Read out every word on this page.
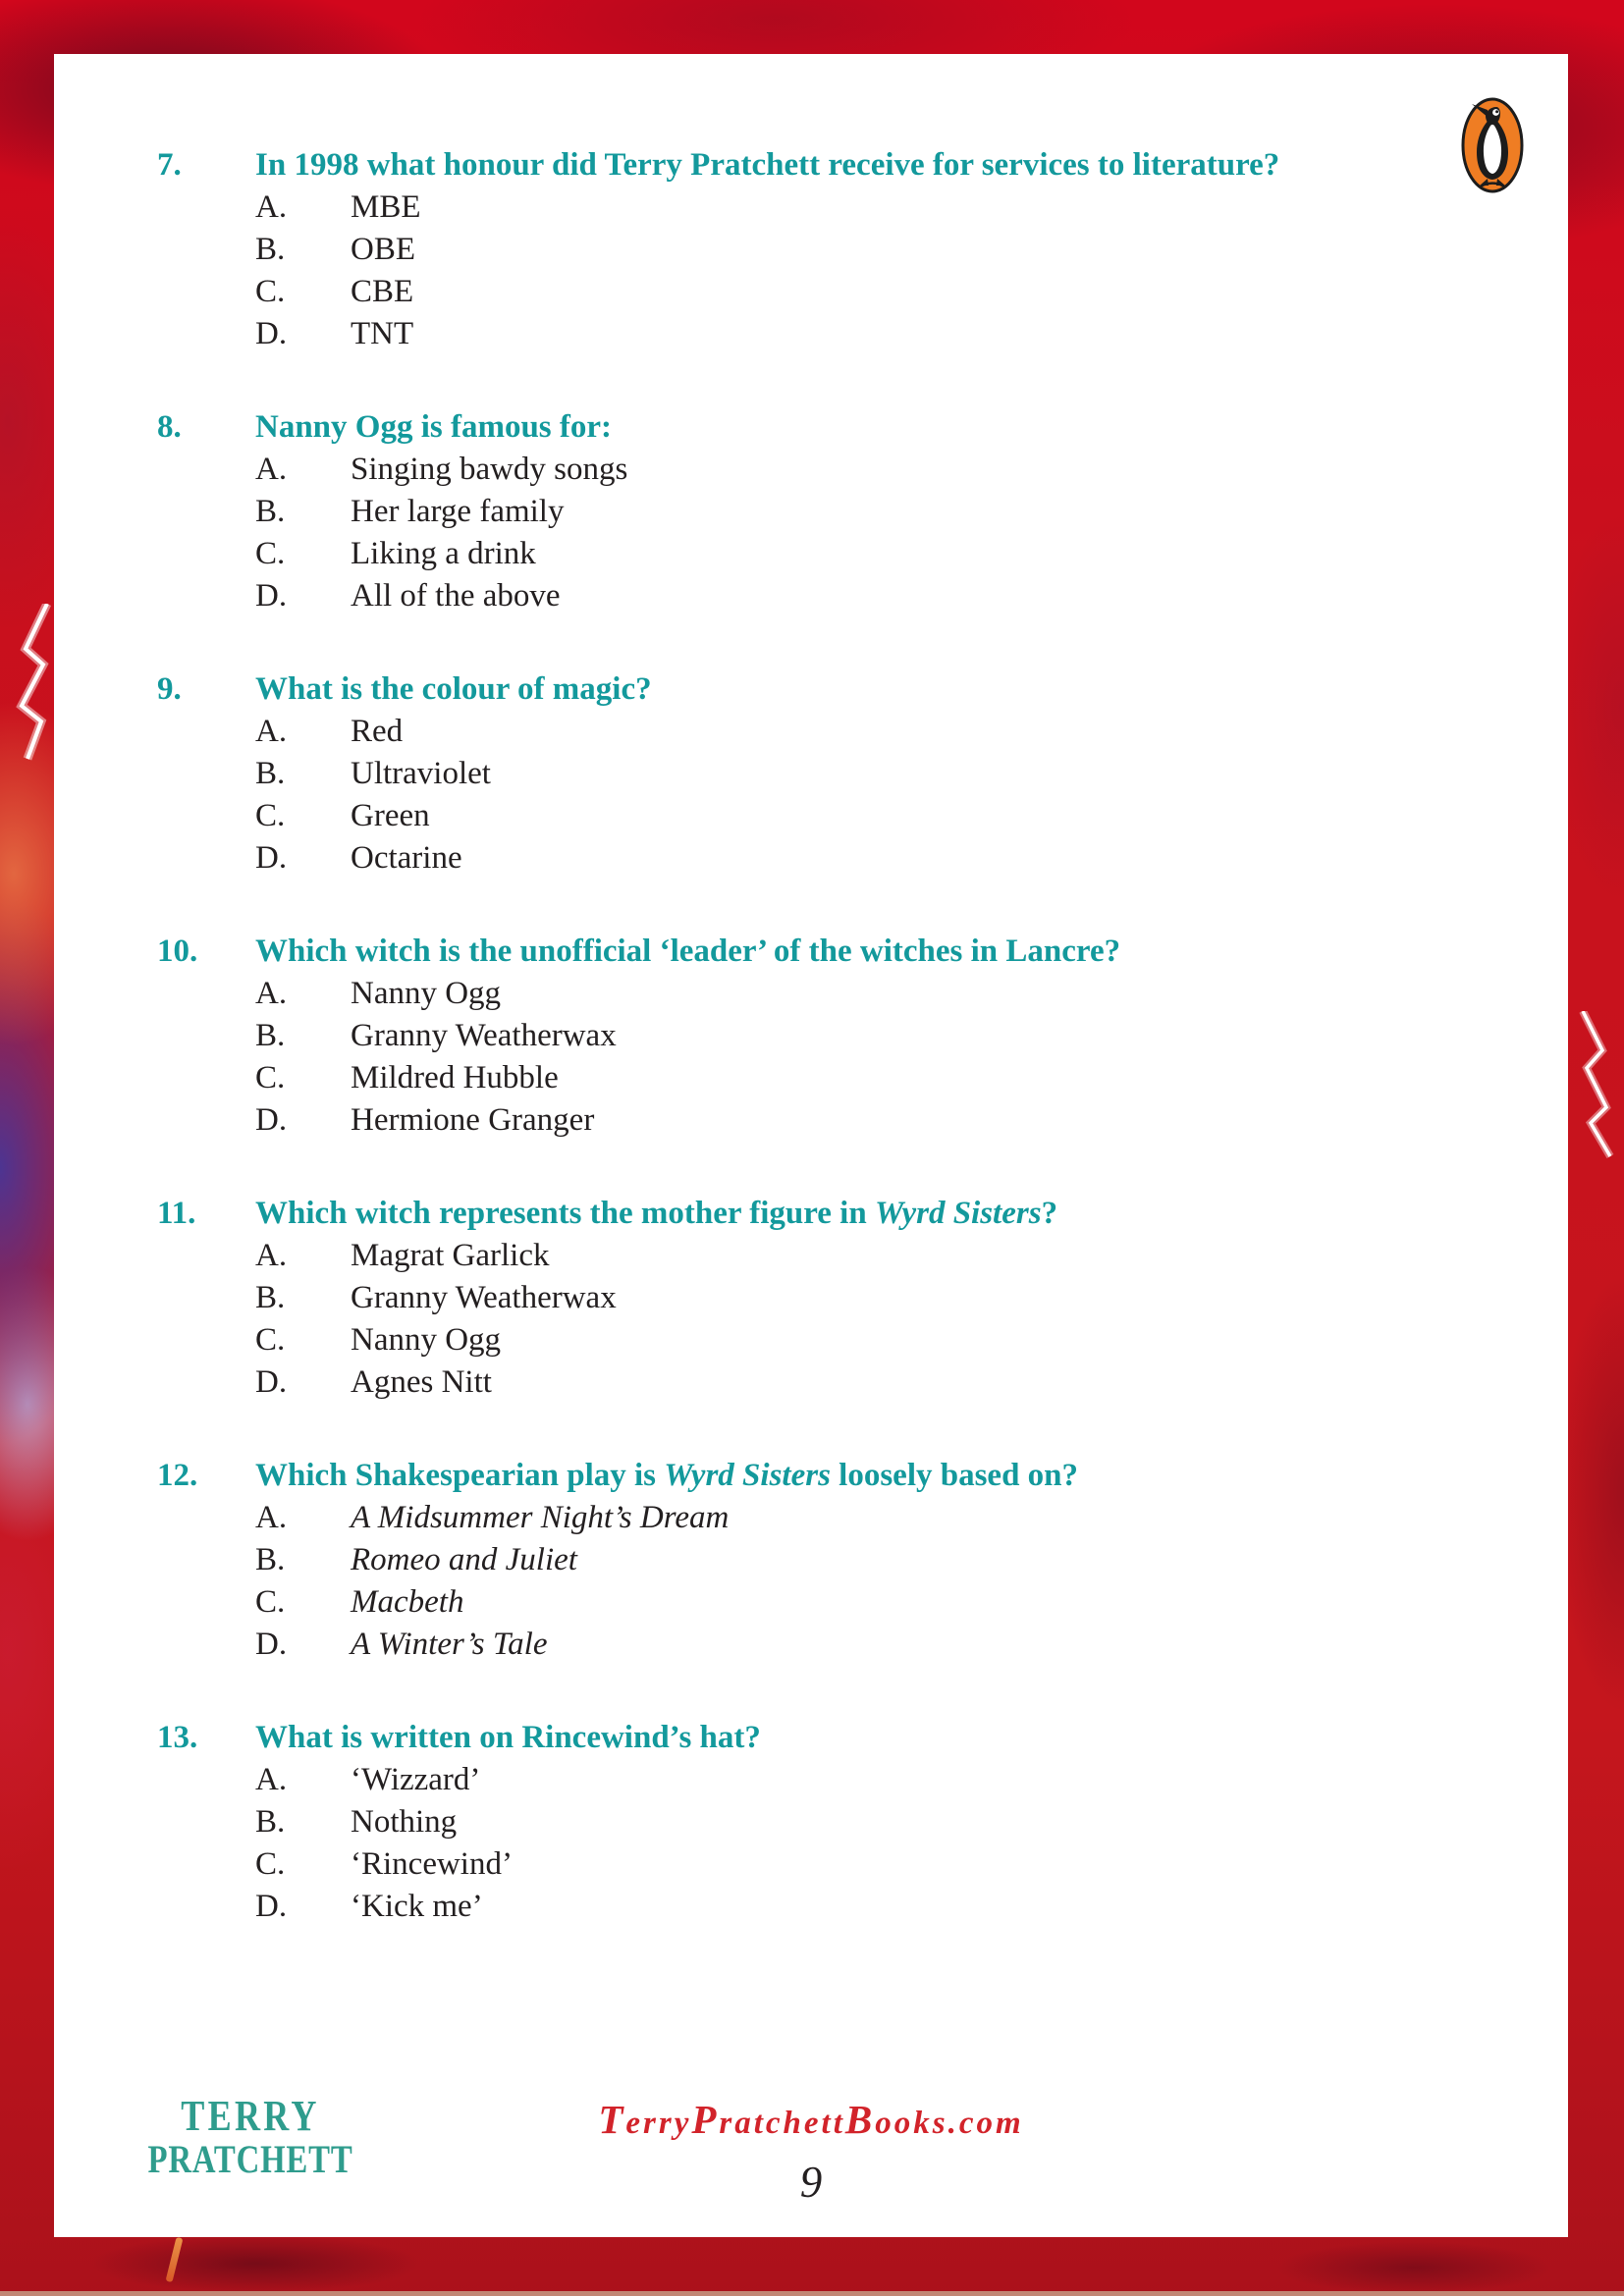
7.	In 1998 what honour did Terry Pratchett receive for services to literature?
A.	MBE
B.	OBE
C.	CBE
D.	TNT
8.	Nanny Ogg is famous for:
A.	Singing bawdy songs
B.	Her large family
C.	Liking a drink
D.	All of the above
9.	What is the colour of magic?
A.	Red
B.	Ultraviolet
C.	Green
D.	Octarine
10.	Which witch is the unofficial ‘leader’ of the witches in Lancre?
A.	Nanny Ogg
B.	Granny Weatherwax
C.	Mildred Hubble
D.	Hermione Granger
11.	Which witch represents the mother figure in Wyrd Sisters?
A.	Magrat Garlick
B.	Granny Weatherwax
C.	Nanny Ogg
D.	Agnes Nitt
12.	Which Shakespearian play is Wyrd Sisters loosely based on?
A.	A Midsummer Night’s Dream
B.	Romeo and Juliet
C.	Macbeth
D.	A Winter’s Tale
13.	What is written on Rincewind’s hat?
A.	‘Wizzard’
B.	Nothing
C.	‘Rincewind’
D.	‘Kick me’
TERRY
PRATCHETT
TerryPratchettBooks.com
9
